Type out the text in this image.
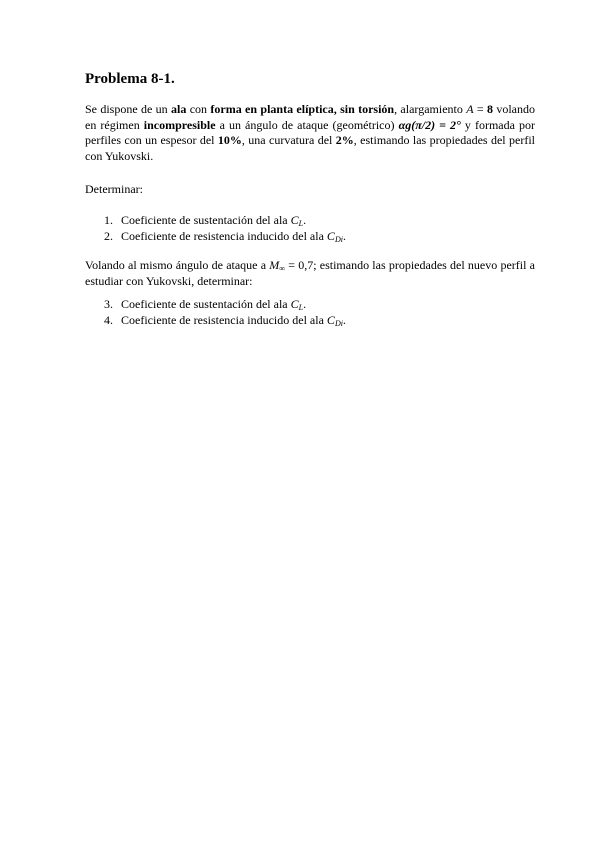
Problema 8-1.

Se dispone de un ala con forma en planta elíptica, sin torsión, alargamiento A = 8 volando en régimen incompresible a un ángulo de ataque (geométrico) αg(π/2) = 2° y formada por perfiles con un espesor del 10%, una curvatura del 2%, estimando las propiedades del perfil con Yukovski.

Determinar:

1. Coeficiente de sustentación del ala $C_L$.
2. Coeficiente de resistencia inducido del ala $C_{Di}$.

Volando al mismo ángulo de ataque a $M_\infty = 0,7$; estimando las propiedades del nuevo perfil a estudiar con Yukovski, determinar:

3. Coeficiente de sustentación del ala $C_L$.
4. Coeficiente de resistencia inducido del ala $C_{Di}$.
